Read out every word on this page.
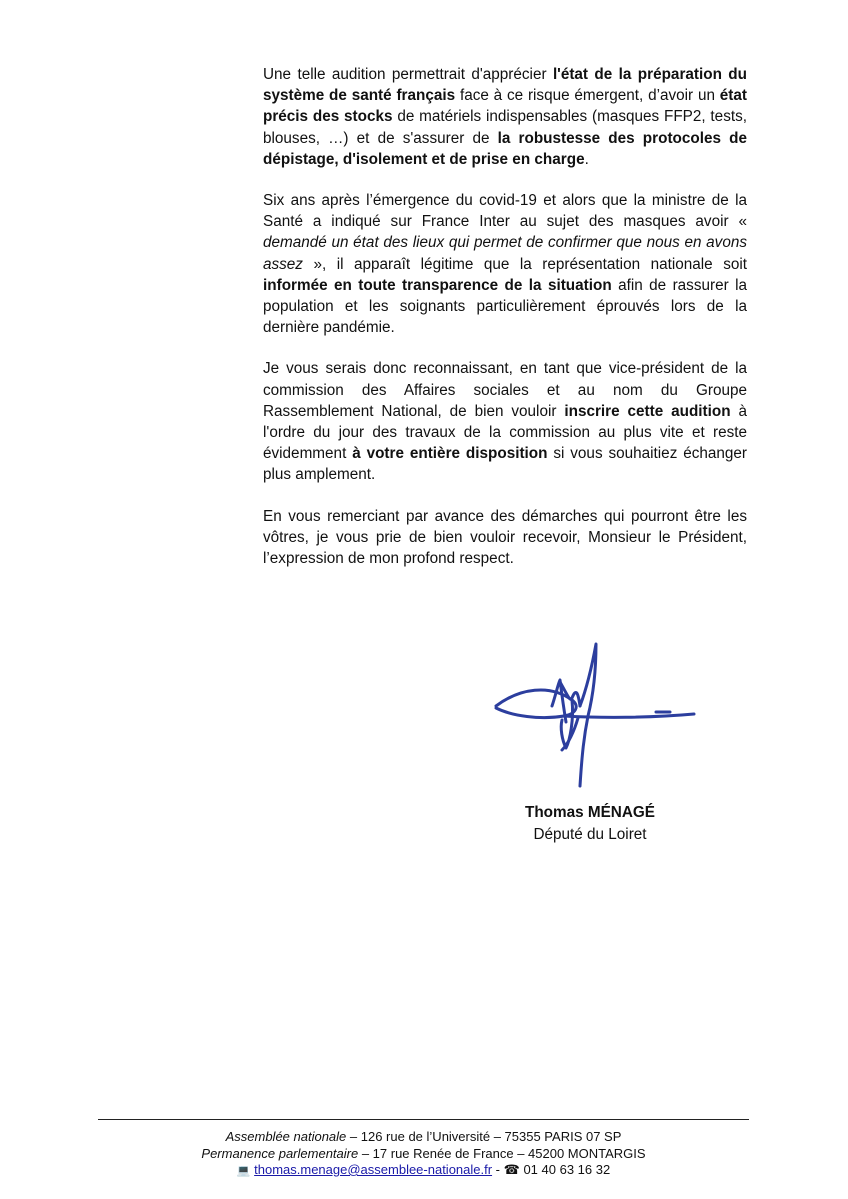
Une telle audition permettrait d'apprécier l'état de la préparation du système de santé français face à ce risque émergent, d’avoir un état précis des stocks de matériels indispensables (masques FFP2, tests, blouses, …) et de s'assurer de la robustesse des protocoles de dépistage, d'isolement et de prise en charge.

Six ans après l’émergence du covid-19 et alors que la ministre de la Santé a indiqué sur France Inter au sujet des masques avoir « demandé un état des lieux qui permet de confirmer que nous en avons assez », il apparaît légitime que la représentation nationale soit informée en toute transparence de la situation afin de rassurer la population et les soignants particulièrement éprouvés lors de la dernière pandémie.

Je vous serais donc reconnaissant, en tant que vice-président de la commission des Affaires sociales et au nom du Groupe Rassemblement National, de bien vouloir inscrire cette audition à l'ordre du jour des travaux de la commission au plus vite et reste évidemment à votre entière disposition si vous souhaitiez échanger plus amplement.

En vous remerciant par avance des démarches qui pourront être les vôtres, je vous prie de bien vouloir recevoir, Monsieur le Président, l’expression de mon profond respect.

Thomas MÉNAGÉ
Député du Loiret
Assemblée nationale – 126 rue de l’Université – 75355 PARIS 07 SP
Permanence parlementaire – 17 rue Renée de France – 45200 MONTARGIS
💻 thomas.menage@assemblee-nationale.fr - ☎ 01 40 63 16 32
